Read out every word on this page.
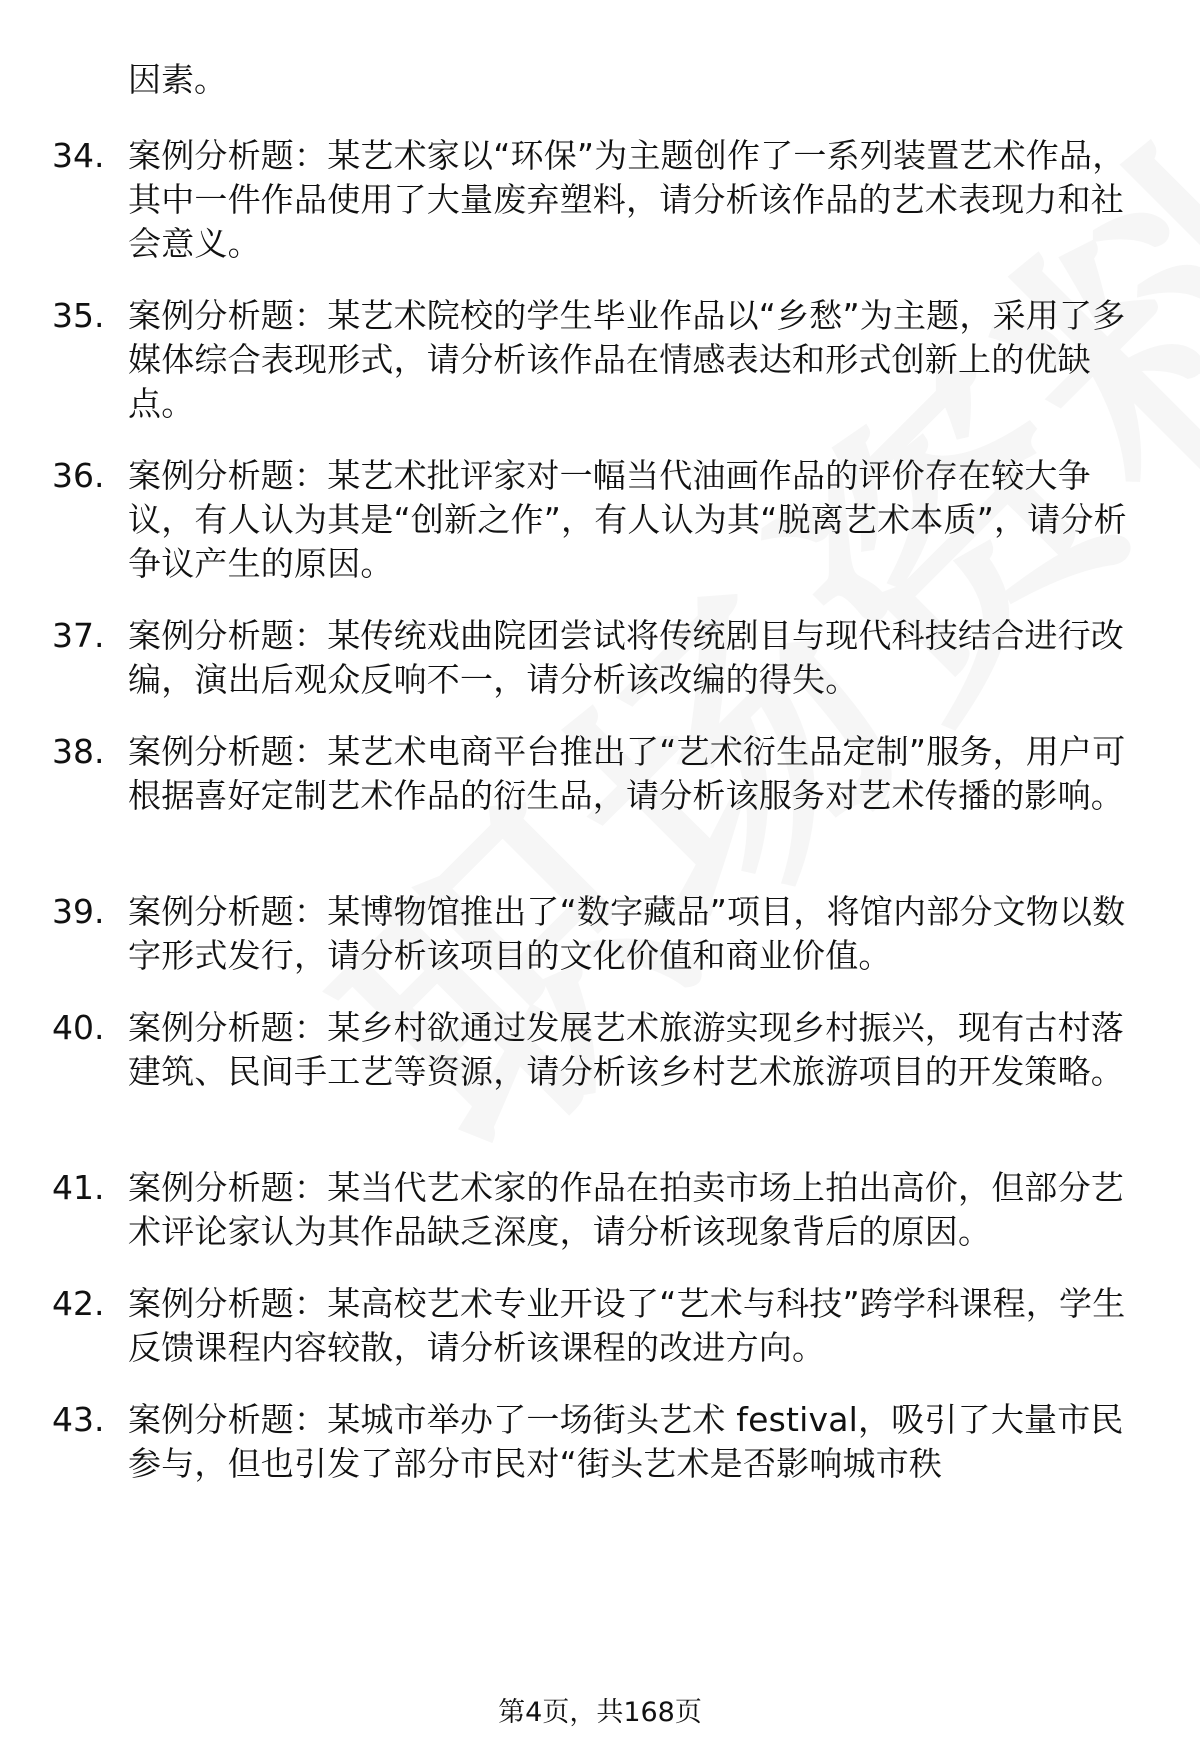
因素。
34. 案例分析题：某艺术家以“环保”为主题创作了一系列装置艺术作品，其中一件作品使用了大量废弃塑料，请分析该作品的艺术表现力和社会意义。
35. 案例分析题：某艺术院校的学生毕业作品以“乡愁”为主题，采用了多媒体综合表现形式，请分析该作品在情感表达和形式创新上的优缺点。
36. 案例分析题：某艺术批评家对一幅当代油画作品的评价存在较大争议，有人认为其是“创新之作”，有人认为其“脱离艺术本质”，请分析争议产生的原因。
37. 案例分析题：某传统戏曲院团尝试将传统剧目与现代科技结合进行改编，演出后观众反响不一，请分析该改编的得失。
38. 案例分析题：某艺术电商平台推出了“艺术衍生品定制”服务，用户可根据喜好定制艺术作品的衍生品，请分析该服务对艺术传播的影响。
39. 案例分析题：某博物馆推出了“数字藏品”项目，将馆内部分文物以数字形式发行，请分析该项目的文化价值和商业价值。
40. 案例分析题：某乡村欲通过发展艺术旅游实现乡村振兴，现有古村落建筑、民间手工艺等资源，请分析该乡村艺术旅游项目的开发策略。
41. 案例分析题：某当代艺术家的作品在拍卖市场上拍出高价，但部分艺术评论家认为其作品缺乏深度，请分析该现象背后的原因。
42. 案例分析题：某高校艺术专业开设了“艺术与科技”跨学科课程，学生反馈课程内容较散，请分析该课程的改进方向。
43. 案例分析题：某城市举办了一场街头艺术 festival，吸引了大量市民参与，但也引发了部分市民对“街头艺术是否影响城市秩
第4页，共168页
